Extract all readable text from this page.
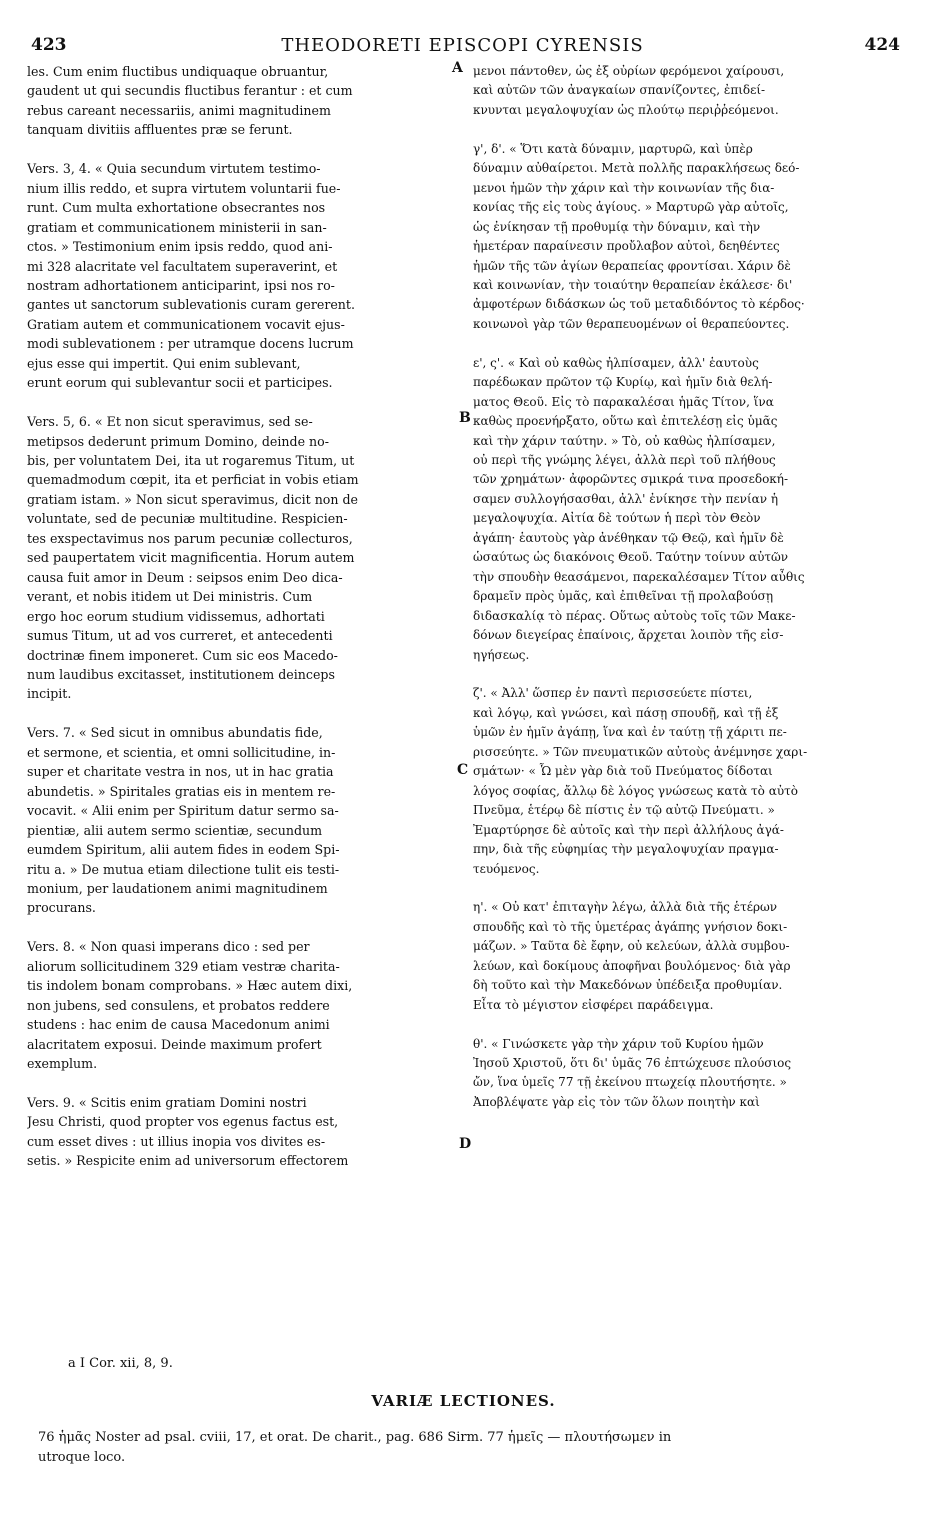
423	THEODORETI EPISCOPI CYRENSIS	424
les. Cum enim fluctibus undiquaque obruantur,
gaudent ut qui secundis fluctibus ferantur : et cum
rebus careant necessariis, animi magnitudinem
tanquam divitiis affluentes præ se ferunt.
Vers. 3, 4. « Quia secundum virtutem testimo-
nium illis reddo, et supra virtutem voluntarii fue-
runt. Cum multa exhortatione obsecrantes nos
gratiam et communicationem ministerii in san-
ctos. » Testimonium enim ipsis reddo, quod ani-
mi 328 alacritate vel facultatem superaverint, et
nostram adhortationem anticiparint, ipsi nos ro-
gantes ut sanctorum sublevationis curam gererent.
Gratiam autem et communicationem vocavit ejus-
modi sublevationem : per utramque docens lucrum
ejus esse qui impertit. Qui enim sublevant,
erunt eorum qui sublevantur socii et participes.
Vers. 5, 6. « Et non sicut speravimus, sed se-
metipsos dederunt primum Domino, deinde no-
bis, per voluntatem Dei, ita ut rogaremus Titum, ut
quemadmodum cœpit, ita et perficiat in vobis etiam
gratiam istam. » Non sicut speravimus, dicit non de
voluntate, sed de pecuniæ multitudine. Respicien-
tes exspectavimus nos parum pecuniæ collecturos,
sed paupertatem vicit magnificentia. Horum autem
causa fuit amor in Deum : seipsos enim Deo dica-
verant, et nobis itidem ut Dei ministris. Cum
ergo hoc eorum studium vidissemus, adhortati
sumus Titum, ut ad vos curreret, et antecedenti
doctrinæ finem imponeret. Cum sic eos Macedo-
num laudibus excitasset, institutionem deinceps
incipit.
Vers. 7. « Sed sicut in omnibus abundatis fide,
et sermone, et scientia, et omni sollicitudine, in-
super et charitate vestra in nos, ut in hac gratia
abundetis. » Spiritales gratias eis in mentem re-
vocavit. « Alii enim per Spiritum datur sermo sa-
pientiæ, alii autem sermo scientiæ, secundum
eumdem Spiritum, alii autem fides in eodem Spi-
ritu a. » De mutua etiam dilectione tulit eis testi-
monium, per laudationem animi magnitudinem
procurans.
Vers. 8. « Non quasi imperans dico : sed per
aliorum sollicitudinem 329 etiam vestræ charita-
tis indolem bonam comprobans. » Hæc autem dixi,
non jubens, sed consulens, et probatos reddere
studens : hac enim de causa Macedonum animi
alacritatem exposui. Deinde maximum profert
exemplum.
Vers. 9. « Scitis enim gratiam Domini nostri
Jesu Christi, quod propter vos egenus factus est,
cum esset dives : ut illius inopia vos divites es-
setis. » Respicite enim ad universorum effectorem
μενοι πάντοθεν, ὡς ἐξ οὐρίων φερόμενοι χαίρουσι,
καὶ αὐτῶν τῶν ἀναγκαίων σπανίζοντες, ἐπιδεί-
κνυνται μεγαλοψυχίαν ὡς πλούτῳ περιῤῥεόμενοι.
γ', δ'. « Ὅτι κατὰ δύναμιν, μαρτυρῶ, καὶ ὑπὲρ
δύναμιν αὐθαίρετοι. Μετὰ πολλῆς παρακλήσεως δεό-
μενοι ἡμῶν τὴν χάριν καὶ τὴν κοινωνίαν τῆς δια-
κονίας τῆς εἰς τοὺς ἁγίους. » Μαρτυρῶ γὰρ αὐτοῖς,
ὡς ἐνίκησαν τῇ προθυμίᾳ τὴν δύναμιν, καὶ τὴν
ἡμετέραν παραίνεσιν προὔλαβον αὐτοὶ, δεηθέντες
ἡμῶν τῆς τῶν ἁγίων θεραπείας φροντίσαι. Χάριν δὲ
καὶ κοινωνίαν, τὴν τοιαύτην θεραπείαν ἐκάλεσε· δι'
ἀμφοτέρων διδάσκων ὡς τοῦ μεταδιδόντος τὸ κέρδος·
κοινωνοὶ γὰρ τῶν θεραπευομένων οἱ θεραπεύοντες.
ε', ς'. « Καὶ οὐ καθὼς ἠλπίσαμεν, ἀλλ' ἑαυτοὺς
παρέδωκαν πρῶτον τῷ Κυρίῳ, καὶ ἡμῖν διὰ θελή-
ματος Θεοῦ. Εἰς τὸ παρακαλέσαι ἡμᾶς Τίτον, ἵνα
καθὼς προενήρξατο, οὕτω καὶ ἐπιτελέσῃ εἰς ὑμᾶς
καὶ τὴν χάριν ταύτην. » Τὸ, οὐ καθὼς ἠλπίσαμεν,
οὐ περὶ τῆς γνώμης λέγει, ἀλλὰ περὶ τοῦ πλήθους
τῶν χρημάτων· ἀφορῶντες σμικρά τινα προσεδοκή-
σαμεν συλλογήσασθαι, ἀλλ' ἐνίκησε τὴν πενίαν ἡ
μεγαλοψυχία. Αἰτία δὲ τούτων ἡ περὶ τὸν Θεὸν
ἀγάπη· ἑαυτοὺς γὰρ ἀνέθηκαν τῷ Θεῷ, καὶ ἡμῖν δὲ
ὡσαύτως ὡς διακόνοις Θεοῦ. Ταύτην τοίνυν αὐτῶν
τὴν σπουδὴν θεασάμενοι, παρεκαλέσαμεν Τίτον αὖθις
δραμεῖν πρὸς ὑμᾶς, καὶ ἐπιθεῖναι τῇ προλαβούσῃ
διδασκαλίᾳ τὸ πέρας. Οὕτως αὐτοὺς τοῖς τῶν Μακε-
δόνων διεγείρας ἐπαίνοις, ἄρχεται λοιπὸν τῆς εἰσ-
ηγήσεως.
ζ'. « Ἀλλ' ὥσπερ ἐν παντὶ περισσεύετε πίστει,
καὶ λόγῳ, καὶ γνώσει, καὶ πάσῃ σπουδῇ, καὶ τῇ ἐξ
ὑμῶν ἐν ἡμῖν ἀγάπῃ, ἵνα καὶ ἐν ταύτῃ τῇ χάριτι πε-
ρισσεύητε. » Τῶν πνευματικῶν αὐτοὺς ἀνέμνησε χαρι-
σμάτων· « Ὧ μὲν γὰρ διὰ τοῦ Πνεύματος δίδοται
λόγος σοφίας, ἄλλῳ δὲ λόγος γνώσεως κατὰ τὸ αὐτὸ
Πνεῦμα, ἑτέρῳ δὲ πίστις ἐν τῷ αὐτῷ Πνεύματι. »
Ἐμαρτύρησε δὲ αὐτοῖς καὶ τὴν περὶ ἀλλήλους ἀγά-
πην, διὰ τῆς εὐφημίας τὴν μεγαλοψυχίαν πραγμα-
τευόμενος.
η'. « Οὐ κατ' ἐπιταγὴν λέγω, ἀλλὰ διὰ τῆς ἑτέρων
σπουδῆς καὶ τὸ τῆς ὑμετέρας ἀγάπης γνήσιον δοκι-
μάζων. » Ταῦτα δὲ ἔφην, οὐ κελεύων, ἀλλὰ συμβου-
λεύων, καὶ δοκίμους ἀποφῆναι βουλόμενος· διὰ γὰρ
δὴ τοῦτο καὶ τὴν Μακεδόνων ὑπέδειξα προθυμίαν.
Εἶτα τὸ μέγιστον εἰσφέρει παράδειγμα.
θ'. « Γινώσκετε γὰρ τὴν χάριν τοῦ Κυρίου ἡμῶν
Ἰησοῦ Χριστοῦ, ὅτι δι' ὑμᾶς 76 ἐπτώχευσε πλούσιος
ὤν, ἵνα ὑμεῖς 77 τῇ ἐκείνου πτωχείᾳ πλουτήσητε. »
Ἀποβλέψατε γὰρ εἰς τὸν τῶν ὅλων ποιητὴν καὶ
A
B
C
D
a I Cor. xii, 8, 9.
VARIÆ LECTIONES.
76 ἡμᾶς Noster ad psal. cviii, 17, et orat. De charit., pag. 686 Sirm. 77 ἡμεῖς — πλουτήσωμεν in
utroque loco.
